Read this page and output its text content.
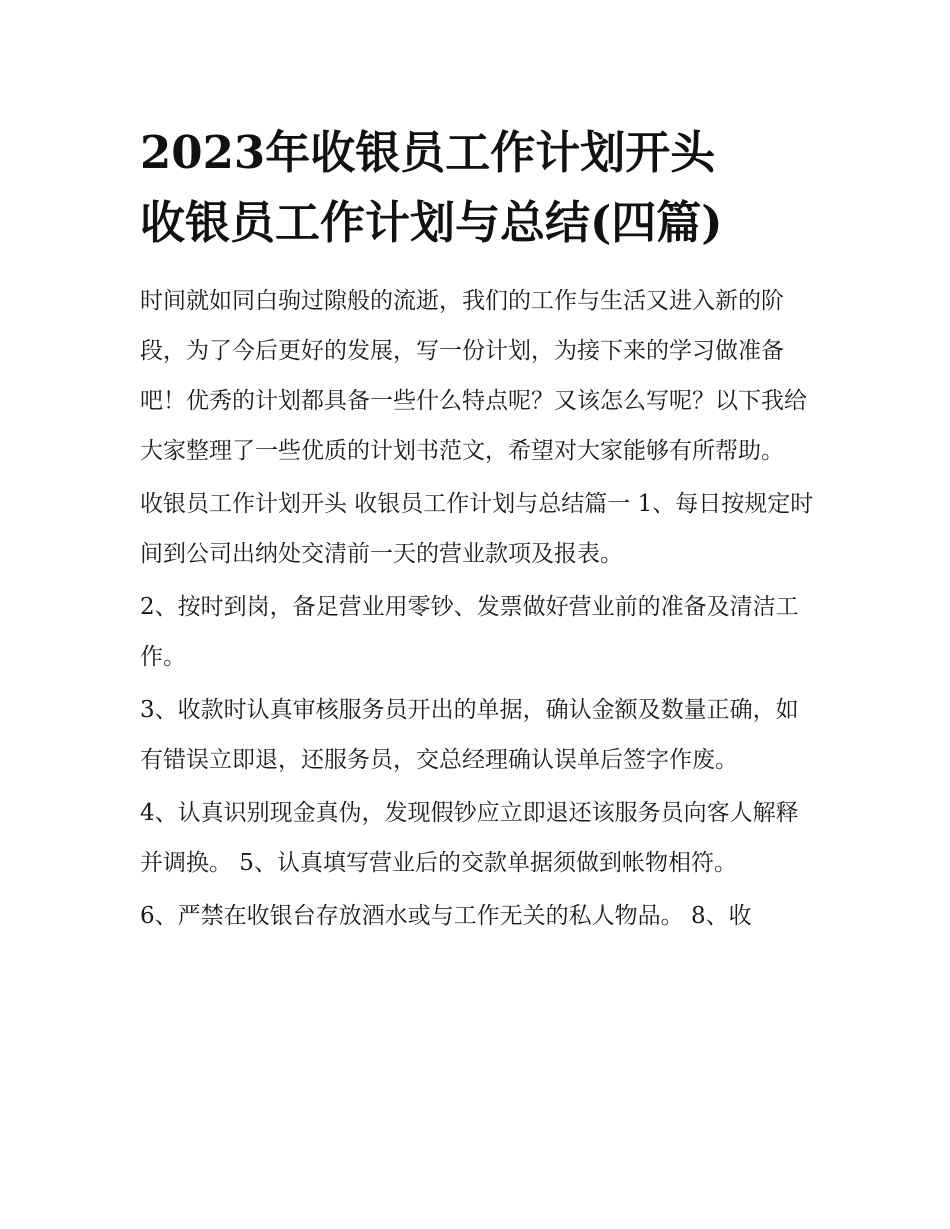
2023年收银员工作计划开头
收银员工作计划与总结(四篇)

时间就如同白驹过隙般的流逝，我们的工作与生活又进入新的阶段，为了今后更好的发展，写一份计划，为接下来的学习做准备吧！优秀的计划都具备一些什么特点呢？又该怎么写呢？以下我给大家整理了一些优质的计划书范文，希望对大家能够有所帮助。

收银员工作计划开头 收银员工作计划与总结篇一 1、每日按规定时间到公司出纳处交清前一天的营业款项及报表。

2、按时到岗，备足营业用零钞、发票做好营业前的准备及清洁工作。

3、收款时认真审核服务员开出的单据，确认金额及数量正确，如有错误立即退，还服务员，交总经理确认误单后签字作废。

4、认真识别现金真伪，发现假钞应立即退还该服务员向客人解释并调换。 5、认真填写营业后的交款单据须做到帐物相符。

6、严禁在收银台存放酒水或与工作无关的私人物品。 8、收
